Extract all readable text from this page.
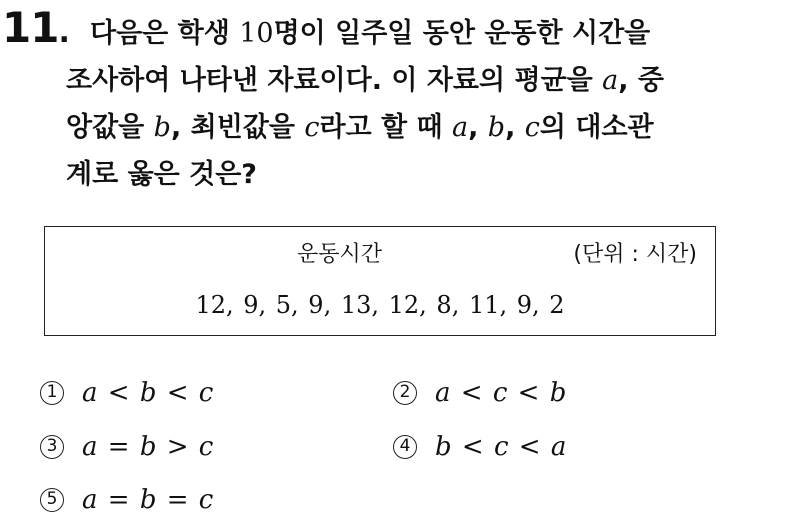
11. 다음은 학생 10명이 일주일 동안 운동한 시간을
조사하여 나타낸 자료이다. 이 자료의 평균을 a, 중
앙값을 b, 최빈값을 c라고 할 때 a, b, c의 대소관
계로 옳은 것은?
운동시간	(단위 : 시간)
12, 9, 5, 9, 13, 12, 8, 11, 9, 2
1 a < b < c	2 a < c < b
3 a = b > c	4 b < c < a
5 a = b = c
